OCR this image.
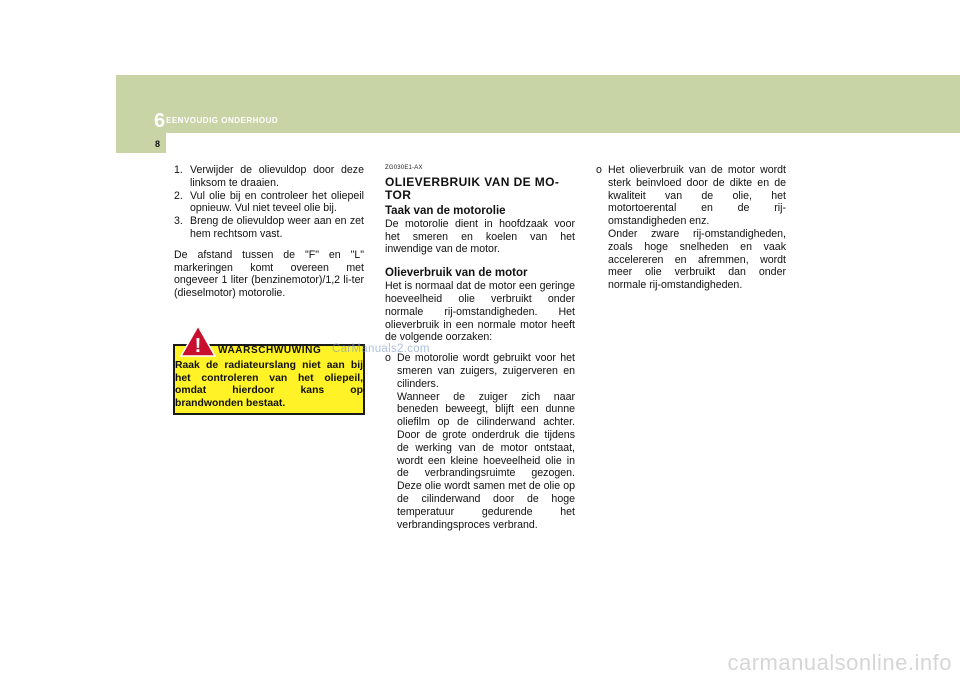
6 EENVOUDIG ONDERHOUD
8
1. Verwijder de olievuldop door deze linksom te draaien.
2. Vul olie bij en controleer het oliepeil opnieuw. Vul niet teveel olie bij.
3. Breng de olievuldop weer aan en zet hem rechtsom vast.
De afstand tussen de "F" en "L" markeringen komt overeen met ongeveer 1 liter (benzinemotor)/1,2 li-ter (dieselmotor) motorolie.
! WAARSCHWUWING
Raak de radiateurslang niet aan bij het controleren van het oliepeil, omdat hierdoor kans op brandwonden bestaat.
ZG030E1-AX
OLIEVERBRUIK VAN DE MO-TOR
Taak van de motorolie
De motorolie dient in hoofdzaak voor het smeren en koelen van het inwendige van de motor.
Olieverbruik van de motor
Het is normaal dat de motor een geringe hoeveelheid olie verbruikt onder normale rij-omstandigheden. Het olieverbruik in een normale motor heeft de volgende oorzaken:
o De motorolie wordt gebruikt voor het smeren van zuigers, zuigerveren en cilinders.
Wanneer de zuiger zich naar beneden beweegt, blijft een dunne oliefilm op de cilinderwand achter. Door de grote onderdruk die tijdens de werking van de motor ontstaat, wordt een kleine hoeveelheid olie in de verbrandingsruimte gezogen. Deze olie wordt samen met de olie op de cilinderwand door de hoge temperatuur gedurende het verbrandingsproces verbrand.
o Het olieverbruik van de motor wordt sterk beinvloed door de dikte en de kwaliteit van de olie, het motortoerental en de rij-omstandigheden enz.
Onder zware rij-omstandigheden, zoals hoge snelheden en vaak accelereren en afremmen, wordt meer olie verbruikt dan onder normale rij-omstandigheden.
CarManuals2.com
carmanualsonline.info
